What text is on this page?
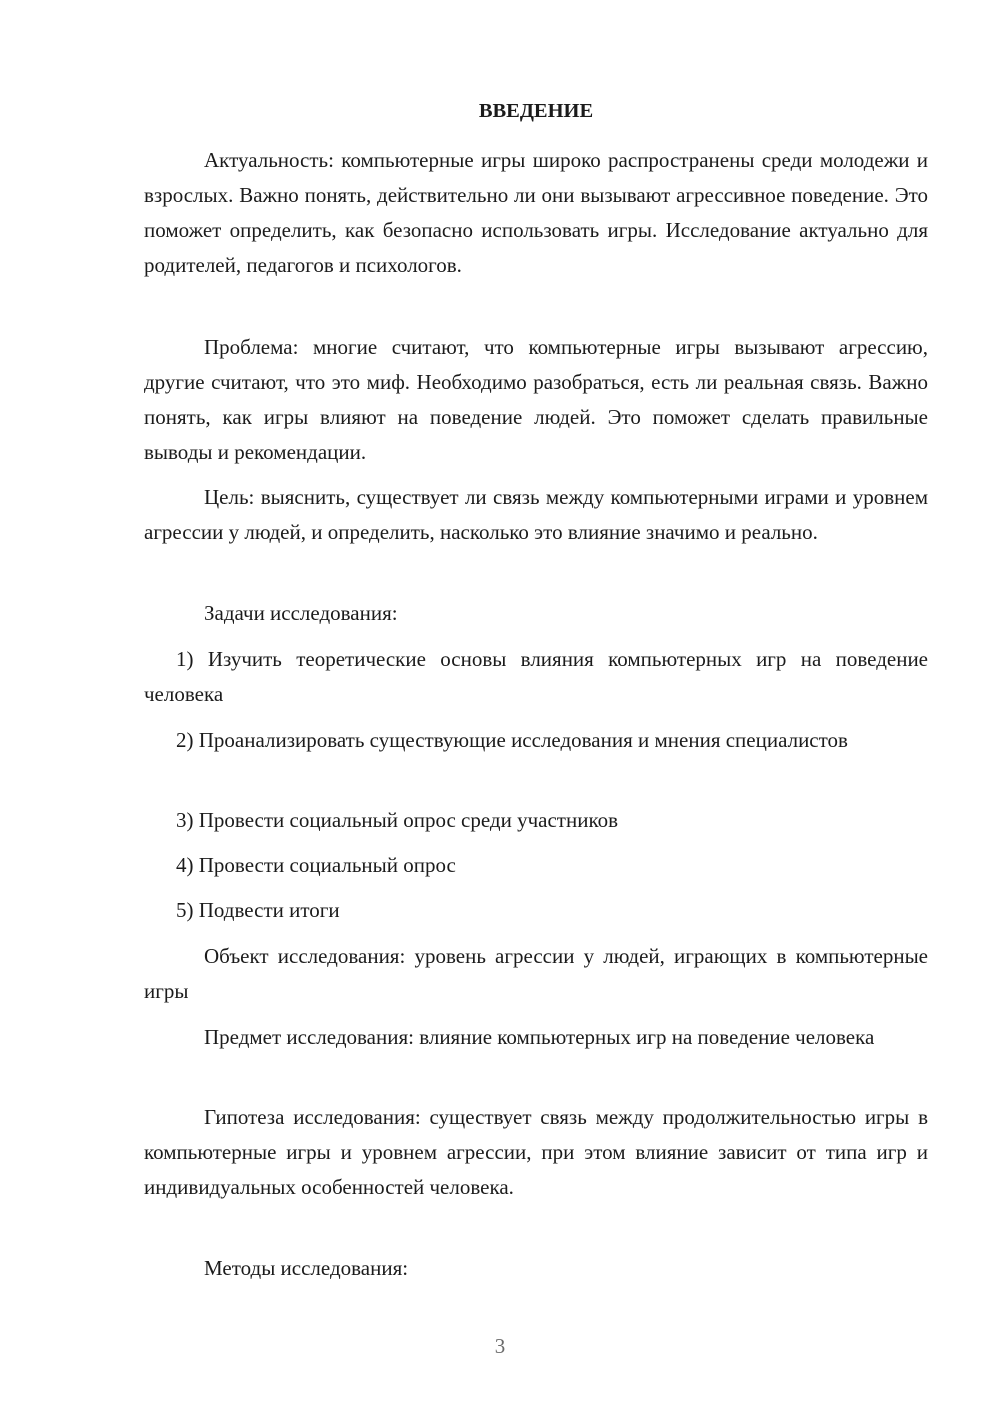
ВВЕДЕНИЕ

Актуальность: компьютерные игры широко распространены среди молодежи и взрослых. Важно понять, действительно ли они вызывают агрессивное поведение. Это поможет определить, как безопасно использовать игры. Исследование актуально для родителей, педагогов и психологов.

Проблема: многие считают, что компьютерные игры вызывают агрессию, другие считают, что это миф. Необходимо разобраться, есть ли реальная связь. Важно понять, как игры влияют на поведение людей. Это поможет сделать правильные выводы и рекомендации.

Цель: выяснить, существует ли связь между компьютерными играми и уровнем агрессии у людей, и определить, насколько это влияние значимо и реально.

Задачи исследования:

1) Изучить теоретические основы влияния компьютерных игр на поведение человека

2) Проанализировать существующие исследования и мнения специалистов

3) Провести социальный опрос среди участников

4) Провести социальный опрос

5) Подвести итоги

Объект исследования: уровень агрессии у людей, играющих в компьютерные игры

Предмет исследования: влияние компьютерных игр на поведение человека

Гипотеза исследования: существует связь между продолжительностью игры в компьютерные игры и уровнем агрессии, при этом влияние зависит от типа игр и индивидуальных особенностей человека.

Методы исследования:

3
